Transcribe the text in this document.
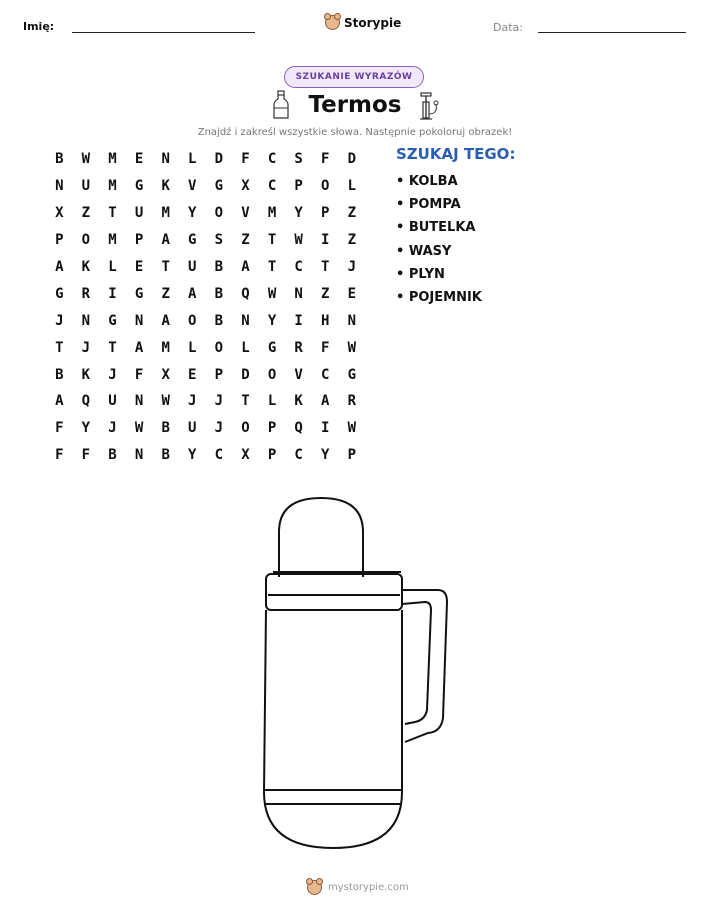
Imię:	Storypie	Data:
SZUKANIE WYRAZÓW
Termos
Znajdź i zakreśl wszystkie słowa. Następnie pokoloruj obrazek!
B	W	M	E	N	L	D	F	C	S	F	D
N	U	M	G	K	V	G	X	C	P	O	L
X	Z	T	U	M	Y	O	V	M	Y	P	Z
P	O	M	P	A	G	S	Z	T	W	I	Z
A	K	L	E	T	U	B	A	T	C	T	J
G	R	I	G	Z	A	B	Q	W	N	Z	E
J	N	G	N	A	O	B	N	Y	I	H	N
T	J	T	A	M	L	O	L	G	R	F	W
B	K	J	F	X	E	P	D	O	V	C	G
A	Q	U	N	W	J	J	T	L	K	A	R
F	Y	J	W	B	U	J	O	P	Q	I	W
F	F	B	N	B	Y	C	X	P	C	Y	P
SZUKAJ TEGO:
• KOLBA
• POMPA
• BUTELKA
• WASY
• PLYN
• POJEMNIK
mystorypie.com
